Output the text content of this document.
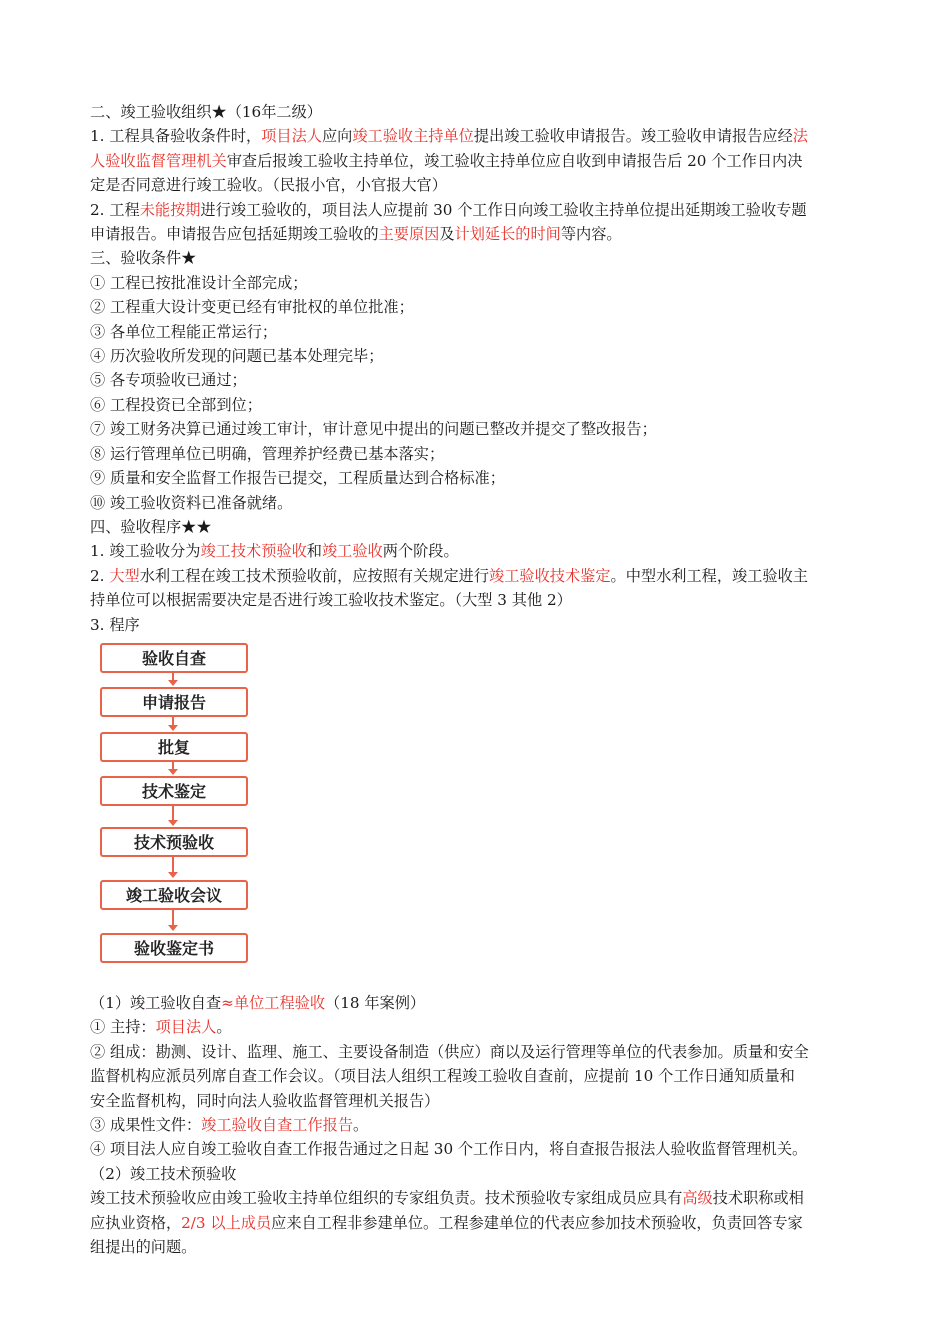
二、竣工验收组织★（16年二级）
1. 工程具备验收条件时，项目法人应向竣工验收主持单位提出竣工验收申请报告。竣工验收申请报告应经法
人验收监督管理机关审查后报竣工验收主持单位，竣工验收主持单位应自收到申请报告后 20 个工作日内决
定是否同意进行竣工验收。（民报小官，小官报大官）
2. 工程未能按期进行竣工验收的，项目法人应提前 30 个工作日向竣工验收主持单位提出延期竣工验收专题
申请报告。申请报告应包括延期竣工验收的主要原因及计划延长的时间等内容。
三、验收条件★
① 工程已按批准设计全部完成；
② 工程重大设计变更已经有审批权的单位批准；
③ 各单位工程能正常运行；
④ 历次验收所发现的问题已基本处理完毕；
⑤ 各专项验收已通过；
⑥ 工程投资已全部到位；
⑦ 竣工财务决算已通过竣工审计，审计意见中提出的问题已整改并提交了整改报告；
⑧ 运行管理单位已明确，管理养护经费已基本落实；
⑨ 质量和安全监督工作报告已提交，工程质量达到合格标准；
⑩ 竣工验收资料已准备就绪。
四、验收程序★★
1. 竣工验收分为竣工技术预验收和竣工验收两个阶段。
2. 大型水利工程在竣工技术预验收前，应按照有关规定进行竣工验收技术鉴定。中型水利工程，竣工验收主
持单位可以根据需要决定是否进行竣工验收技术鉴定。（大型 3 其他 2）
3. 程序
验收自查
申请报告
批复
技术鉴定
技术预验收
竣工验收会议
验收鉴定书
（1）竣工验收自查≈单位工程验收（18 年案例）
① 主持：项目法人。
② 组成：勘测、设计、监理、施工、主要设备制造（供应）商以及运行管理等单位的代表参加。质量和安全
监督机构应派员列席自查工作会议。（项目法人组织工程竣工验收自查前，应提前 10 个工作日通知质量和
安全监督机构，同时向法人验收监督管理机关报告）
③ 成果性文件：竣工验收自查工作报告。
④ 项目法人应自竣工验收自查工作报告通过之日起 30 个工作日内，将自查报告报法人验收监督管理机关。
（2）竣工技术预验收
竣工技术预验收应由竣工验收主持单位组织的专家组负责。技术预验收专家组成员应具有高级技术职称或相
应执业资格，2/3 以上成员应来自工程非参建单位。工程参建单位的代表应参加技术预验收，负责回答专家
组提出的问题。
